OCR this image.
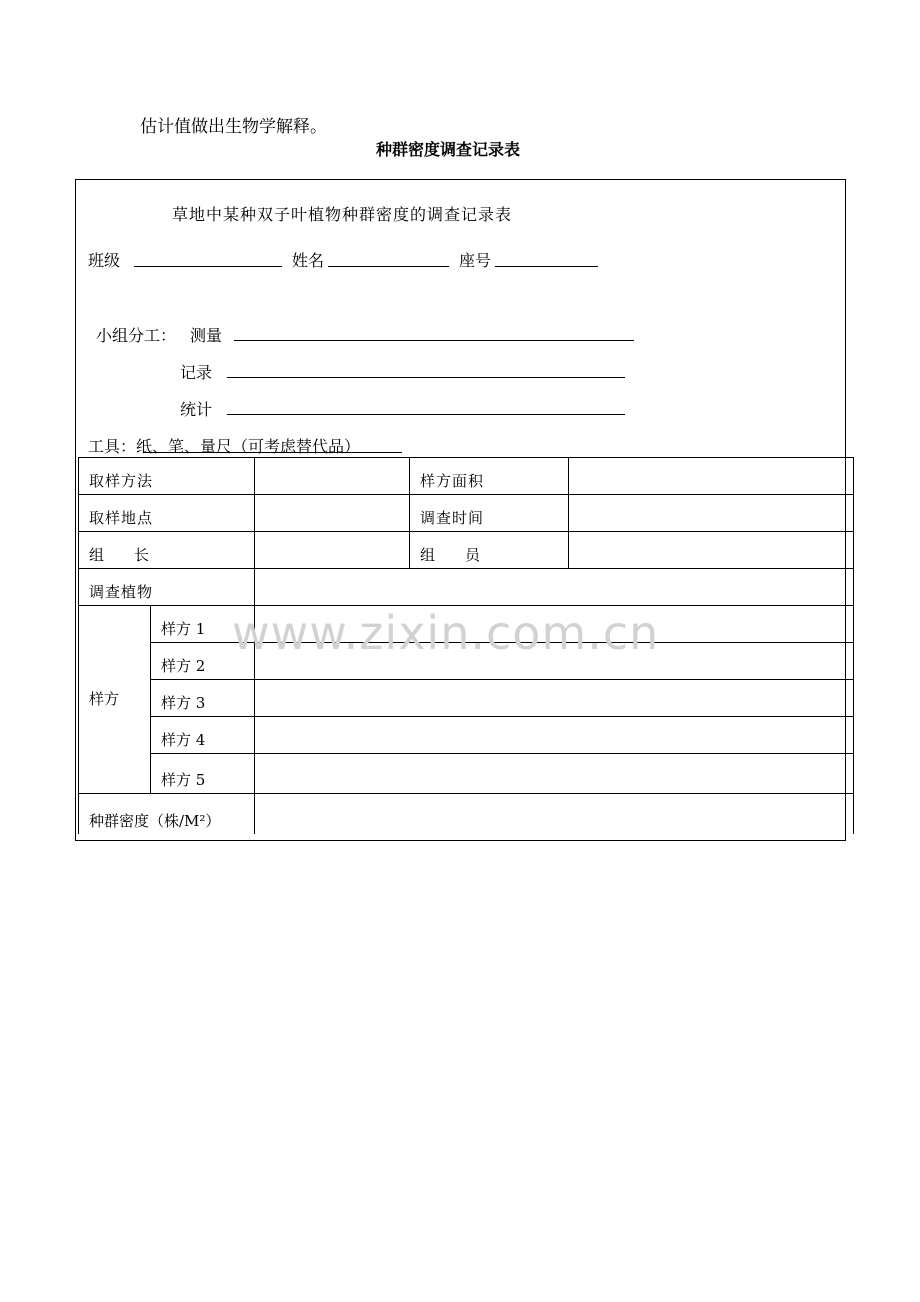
估计值做出生物学解释。
种群密度调查记录表
草地中某种双子叶植物种群密度的调查记录表
班级	姓名	座号
小组分工： 测量
记录
统计
工具：纸、笔、量尺（可考虑替代品）
取样方法			样方面积	
取样地点			调查时间	
组　　长			组　　员	
调查植物				
样方	样方 1			
	样方 2			
	样方 3			
	样方 4			
	样方 5			
种群密度（株/M²）				
www.zixin.com.cn
